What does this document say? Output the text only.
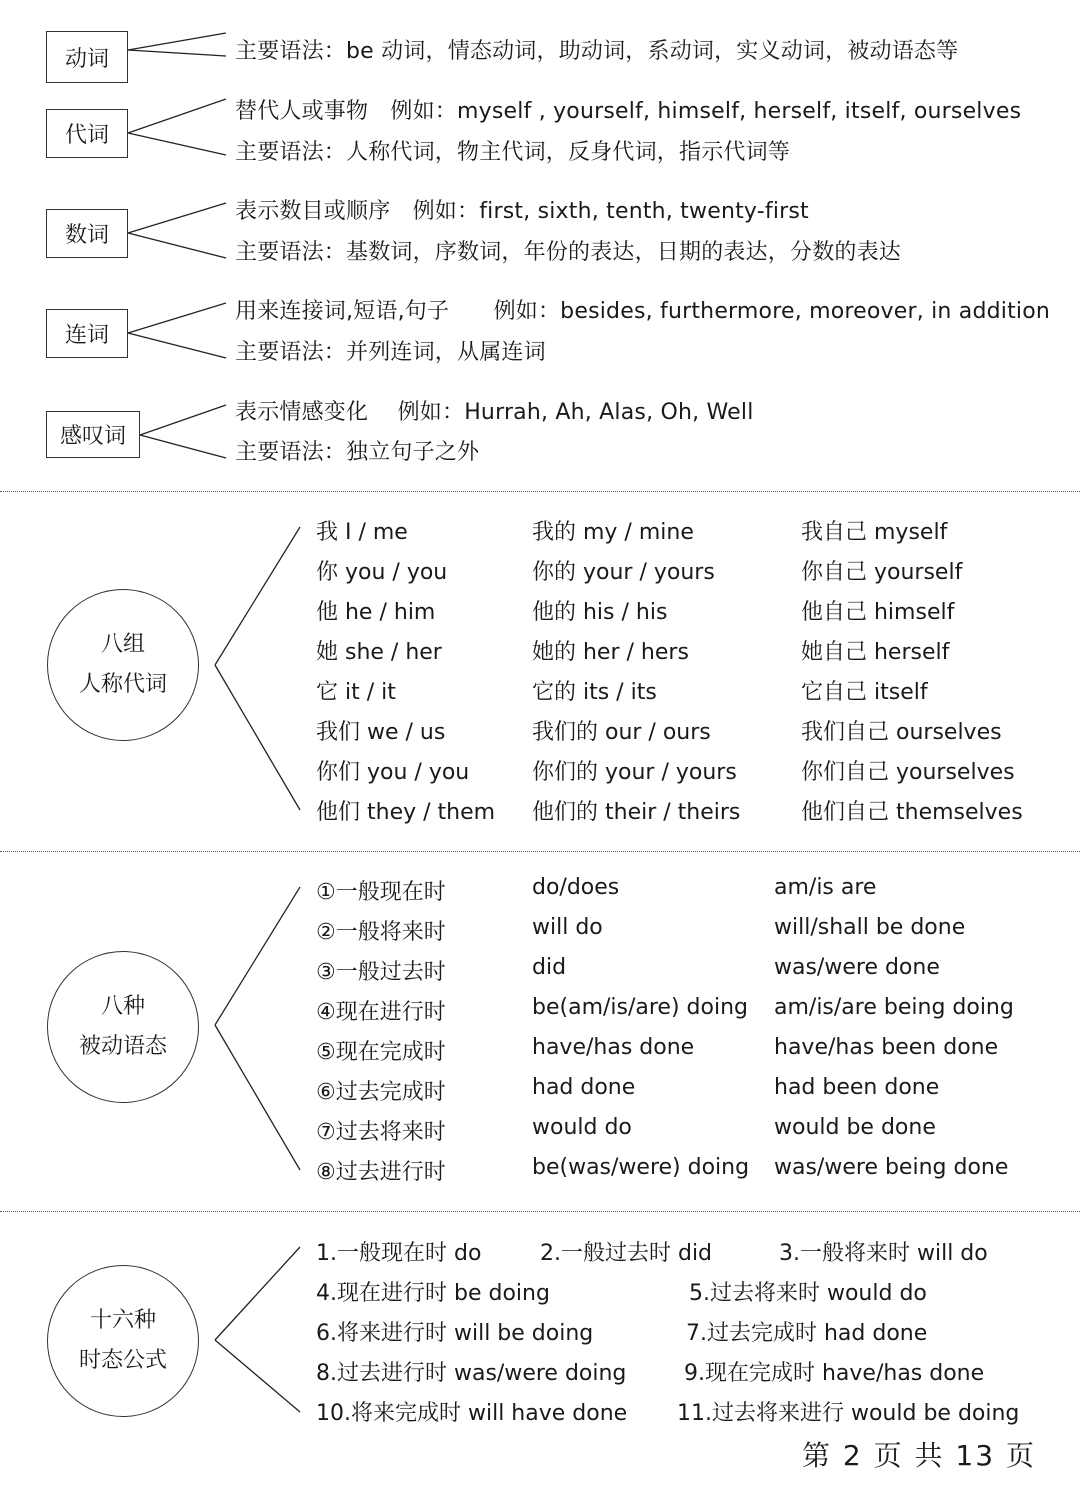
动词	主要语法：be 动词，情态动词，助动词，系动词，实义动词，被动语态等
代词
替代人或事物　例如：myself , yourself, himself, herself, itself, ourselves
主要语法：人称代词，物主代词，反身代词，指示代词等
数词
表示数目或顺序　例如：first, sixth, tenth, twenty-first
主要语法：基数词，序数词，年份的表达，日期的表达，分数的表达
连词
用来连接词,短语,句子　　例如：besides, furthermore, moreover, in addition
主要语法：并列连词，从属连词
感叹词
表示情感变化　 例如：Hurrah, Ah, Alas, Oh, Well
主要语法：独立句子之外
八组
人称代词
我 I / me	我的 my / mine	我自己 myself
你 you / you	你的 your / yours	你自己 yourself
他 he / him	他的 his / his	他自己 himself
她 she / her	她的 her / hers	她自己 herself
它 it / it	它的 its / its	它自己 itself
我们 we / us	我们的 our / ours	我们自己 ourselves
你们 you / you	你们的 your / yours	你们自己 yourselves
他们 they / them 他们的 their / theirs	他们自己 themselves
八种
被动语态
①一般现在时	do/does	am/is are
②一般将来时	will do	will/shall be done
③一般过去时	did	was/were done
④现在进行时	be(am/is/are) doing am/is/are being doing
⑤现在完成时	have/has done	have/has been done
⑥过去完成时	had done	had been done
⑦过去将来时	would do	would be done
⑧过去进行时	be(was/were) doing was/were being done
十六种
时态公式
1.一般现在时 do	2.一般过去时 did	3.一般将来时 will do
4.现在进行时 be doing	5.过去将来时 would do
6.将来进行时 will be doing	7.过去完成时 had done
8.过去进行时 was/were doing	9.现在完成时 have/has done
10.将来完成时 will have done 11.过去将来进行 would be doing
第 2 页 共 13 页
